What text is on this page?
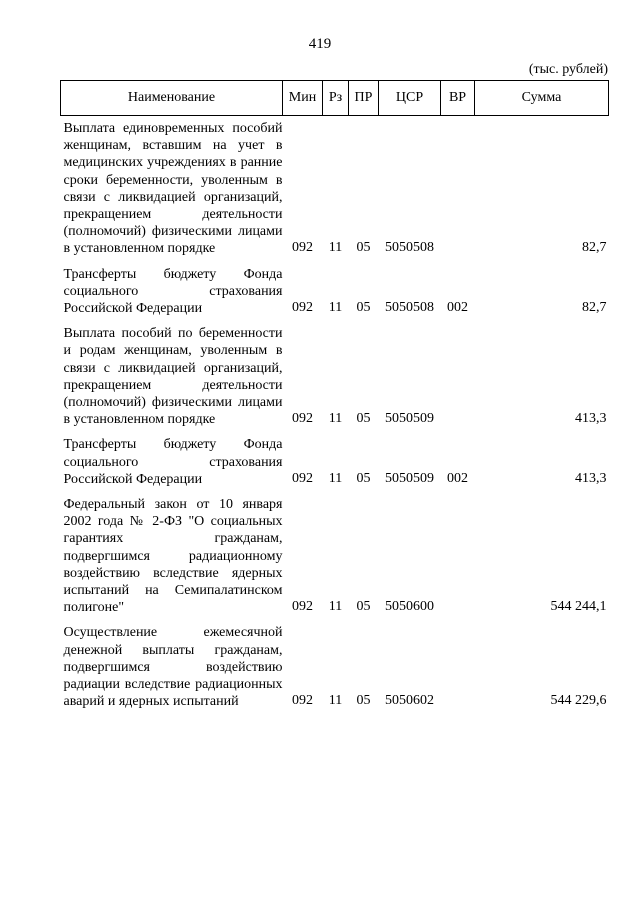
419
(тыс. рублей)
Наименование	Мин	Рз	ПР	ЦСР	ВР	Сумма
Выплата единовременных пособий женщинам, вставшим на учет в медицинских учреждениях в ранние сроки беременности, уволенным в связи с ликвидацией организаций, прекращением деятельности (полномочий) физическими лицами в установленном порядке	092	11	05	5050508		82,7
Трансферты бюджету Фонда социального страхования Российской Федерации	092	11	05	5050508	002	82,7
Выплата пособий по беременности и родам женщинам, уволенным в связи с ликвидацией организаций, прекращением деятельности (полномочий) физическими лицами в установленном порядке	092	11	05	5050509		413,3
Трансферты бюджету Фонда социального страхования Российской Федерации	092	11	05	5050509	002	413,3
Федеральный закон от 10 января 2002 года № 2-ФЗ "О социальных гарантиях гражданам, подвергшимся радиационному воздействию вследствие ядерных испытаний на Семипалатинском полигоне"	092	11	05	5050600		544 244,1
Осуществление ежемесячной денежной выплаты гражданам, подвергшимся воздействию радиации вследствие радиационных аварий и ядерных испытаний	092	11	05	5050602		544 229,6
